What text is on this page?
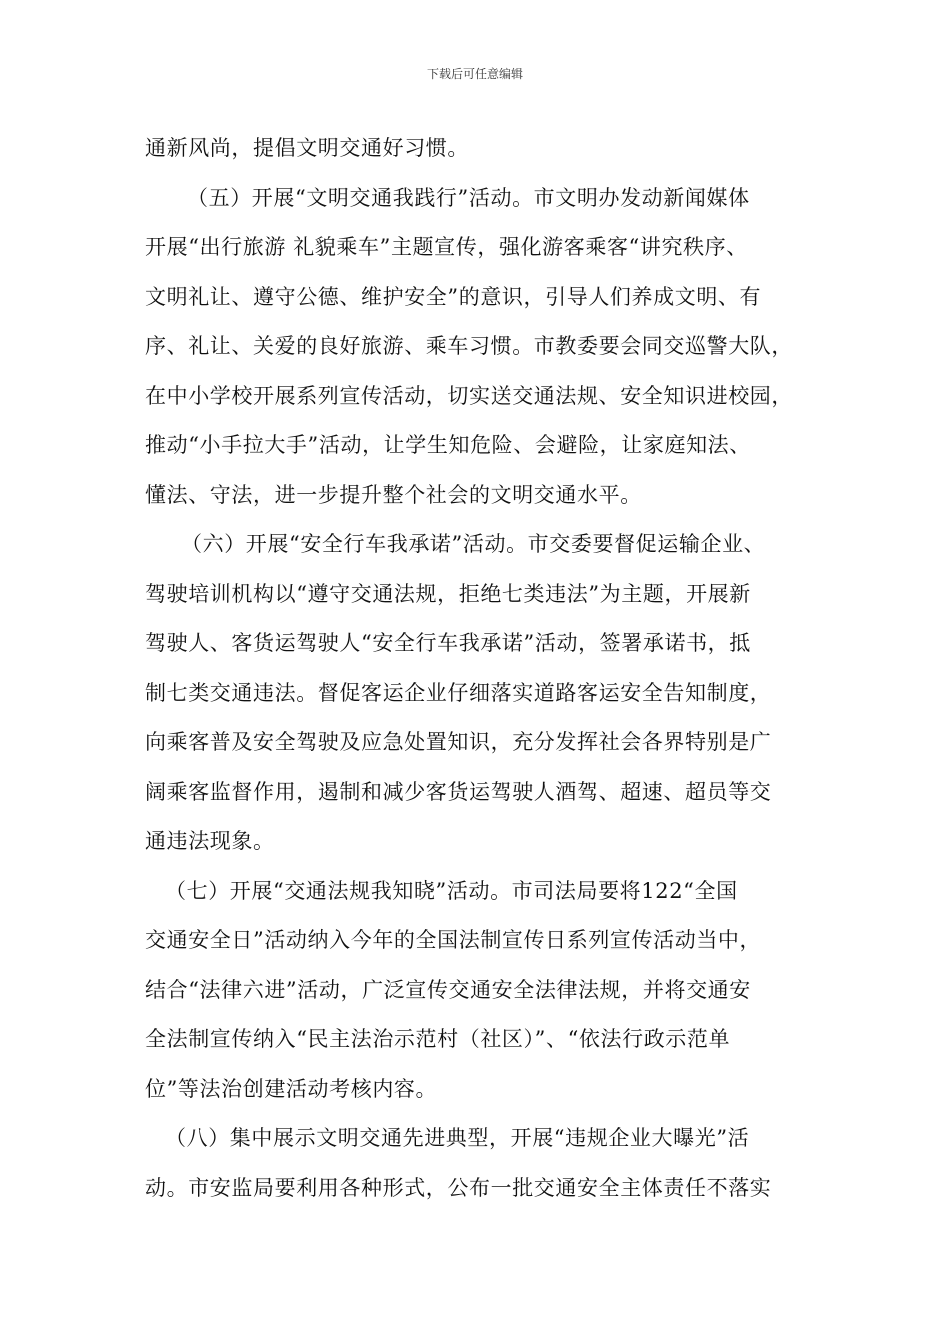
下载后可任意编辑
通新风尚，提倡文明交通好习惯。
（五）开展“文明交通我践行”活动。市文明办发动新闻媒体
开展“出行旅游 礼貌乘车”主题宣传，强化游客乘客“讲究秩序、
文明礼让、遵守公德、维护安全”的意识，引导人们养成文明、有
序、礼让、关爱的良好旅游、乘车习惯。市教委要会同交巡警大队，
在中小学校开展系列宣传活动，切实送交通法规、安全知识进校园，
推动“小手拉大手”活动，让学生知危险、会避险，让家庭知法、
懂法、守法，进一步提升整个社会的文明交通水平。
（六）开展“安全行车我承诺”活动。市交委要督促运输企业、
驾驶培训机构以“遵守交通法规，拒绝七类违法”为主题，开展新
驾驶人、客货运驾驶人“安全行车我承诺”活动，签署承诺书，抵
制七类交通违法。督促客运企业仔细落实道路客运安全告知制度，
向乘客普及安全驾驶及应急处置知识，充分发挥社会各界特别是广
阔乘客监督作用，遏制和减少客货运驾驶人酒驾、超速、超员等交
通违法现象。
（七）开展“交通法规我知晓”活动。市司法局要将122“全国
交通安全日”活动纳入今年的全国法制宣传日系列宣传活动当中，
结合“法律六进”活动，广泛宣传交通安全法律法规，并将交通安
全法制宣传纳入“民主法治示范村（社区）”、“依法行政示范单
位”等法治创建活动考核内容。
（八）集中展示文明交通先进典型，开展“违规企业大曝光”活
动。市安监局要利用各种形式，公布一批交通安全主体责任不落实
